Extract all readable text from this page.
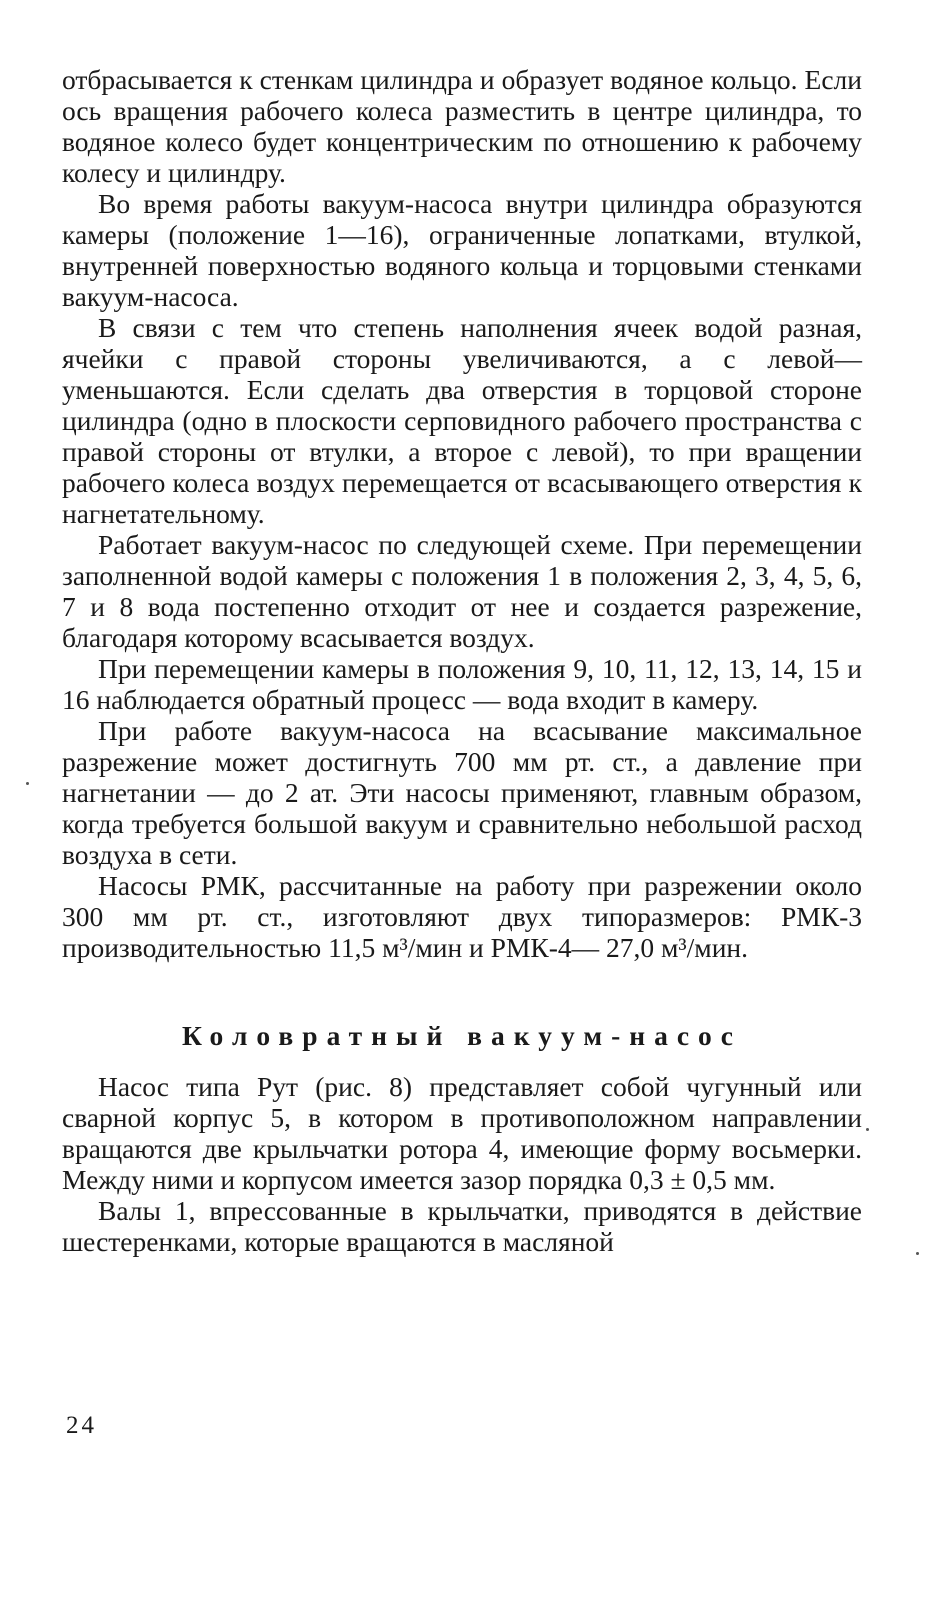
отбрасывается к стенкам цилиндра и образует водяное кольцо. Если ось вращения рабочего колеса разместить в центре цилиндра, то водяное колесо будет концентрическим по отношению к рабочему колесу и цилиндру.

Во время работы вакуум-насоса внутри цилиндра образуются камеры (положение 1—16), ограниченные лопатками, втулкой, внутренней поверхностью водяного кольца и торцовыми стенками вакуум-насоса.

В связи с тем что степень наполнения ячеек водой разная, ячейки с правой стороны увеличиваются, а с левой— уменьшаются. Если сделать два отверстия в торцовой стороне цилиндра (одно в плоскости серповидного рабочего пространства с правой стороны от втулки, а второе с левой), то при вращении рабочего колеса воздух перемещается от всасывающего отверстия к нагнетательному.

Работает вакуум-насос по следующей схеме. При перемещении заполненной водой камеры с положения 1 в положения 2, 3, 4, 5, 6, 7 и 8 вода постепенно отходит от нее и создается разрежение, благодаря которому всасывается воздух.

При перемещении камеры в положения 9, 10, 11, 12, 13, 14, 15 и 16 наблюдается обратный процесс — вода входит в камеру.

При работе вакуум-насоса на всасывание максимальное разрежение может достигнуть 700 мм рт. ст., а давление при нагнетании — до 2 ат. Эти насосы применяют, главным образом, когда требуется большой вакуум и сравнительно небольшой расход воздуха в сети.

Насосы РМК, рассчитанные на работу при разрежении около 300 мм рт. ст., изготовляют двух типоразмеров: РМК-3 производительностью 11,5 м³/мин и РМК-4— 27,0 м³/мин.

Коловратный вакуум-насос

Насос типа Рут (рис. 8) представляет собой чугунный или сварной корпус 5, в котором в противоположном направлении вращаются две крыльчатки ротора 4, имеющие форму восьмерки. Между ними и корпусом имеется зазор порядка 0,3 ± 0,5 мм.

Валы 1, впрессованные в крыльчатки, приводятся в действие шестеренками, которые вращаются в масляной

24
